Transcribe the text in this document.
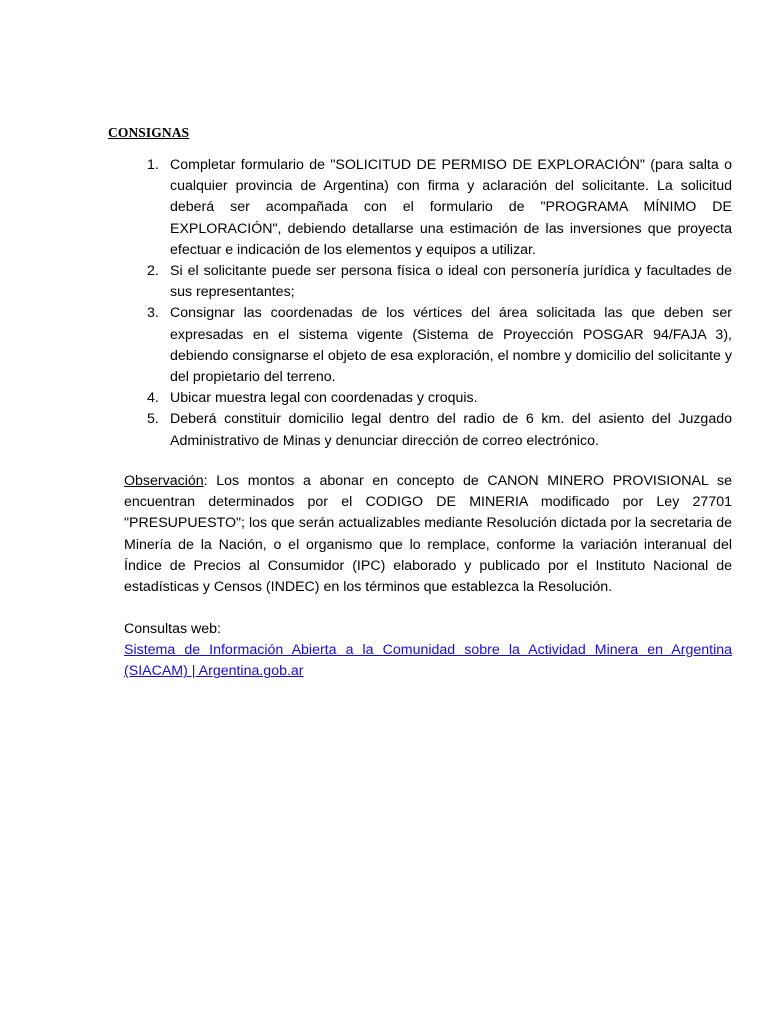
CONSIGNAS
1. Completar formulario de "SOLICITUD DE PERMISO DE EXPLORACIÓN" (para salta o cualquier provincia de Argentina) con firma y aclaración del solicitante. La solicitud deberá ser acompañada con el formulario de "PROGRAMA MÍNIMO DE EXPLORACIÓN", debiendo detallarse una estimación de las inversiones que proyecta efectuar e indicación de los elementos y equipos a utilizar.
2. Si el solicitante puede ser persona física o ideal con personería jurídica y facultades de sus representantes;
3. Consignar las coordenadas de los vértices del área solicitada las que deben ser expresadas en el sistema vigente (Sistema de Proyección POSGAR 94/FAJA 3), debiendo consignarse el objeto de esa exploración, el nombre y domicilio del solicitante y del propietario del terreno.
4. Ubicar muestra legal con coordenadas y croquis.
5. Deberá constituir domicilio legal dentro del radio de 6 km. del asiento del Juzgado Administrativo de Minas y denunciar dirección de correo electrónico.

Observación: Los montos a abonar en concepto de CANON MINERO PROVISIONAL se encuentran determinados por el CODIGO DE MINERIA modificado por Ley 27701 "PRESUPUESTO"; los que serán actualizables mediante Resolución dictada por la secretaria de Minería de la Nación, o el organismo que lo remplace, conforme la variación interanual del Índice de Precios al Consumidor (IPC) elaborado y publicado por el Instituto Nacional de estadísticas y Censos (INDEC) en los términos que establezca la Resolución.

Consultas web:
Sistema de Información Abierta a la Comunidad sobre la Actividad Minera en Argentina (SIACAM) | Argentina.gob.ar
